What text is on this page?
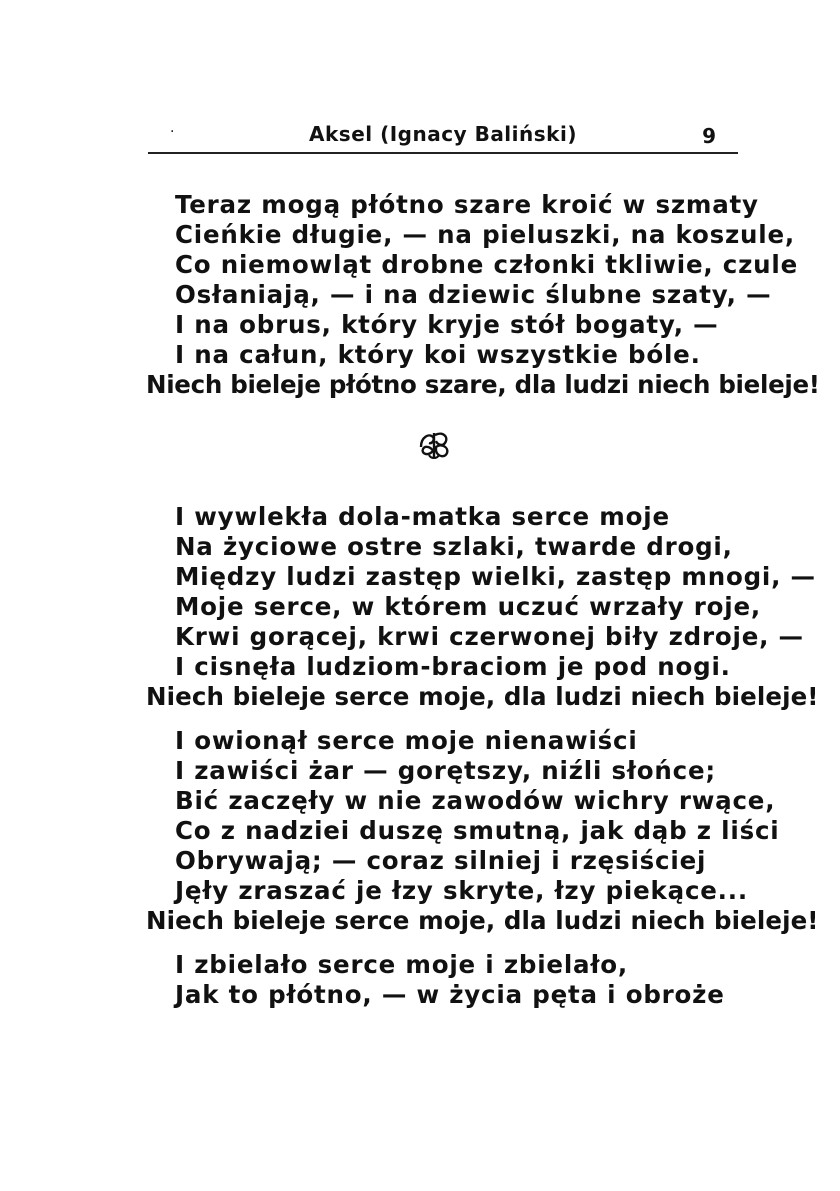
·	Aksel (Ignacy Baliński)	9
Teraz mogą płótno szare kroić w szmaty
Cieńkie długie, — na pieluszki, na koszule,
Co niemowląt drobne członki tkliwie, czule
Osłaniają, — i na dziewic ślubne szaty, —
I na obrus, który kryje stół bogaty, —
I na całun, który koi wszystkie bóle.
Niech bieleje płótno szare, dla ludzi niech bieleje!
I wywlekła dola-matka serce moje
Na życiowe ostre szlaki, twarde drogi,
Między ludzi zastęp wielki, zastęp mnogi, —
Moje serce, w którem uczuć wrzały roje,
Krwi gorącej, krwi czerwonej biły zdroje, —
I cisnęła ludziom-braciom je pod nogi.
Niech bieleje serce moje, dla ludzi niech bieleje!
I owionął serce moje nienawiści
I zawiści żar — gorętszy, niźli słońce;
Bić zaczęły w nie zawodów wichry rwące,
Co z nadziei duszę smutną, jak dąb z liści
Obrywają; — coraz silniej i rzęsiściej
Jęły zraszać je łzy skryte, łzy piekące...
Niech bieleje serce moje, dla ludzi niech bieleje!
I zbielało serce moje i zbielało,
Jak to płótno, — w życia pęta i obroże
